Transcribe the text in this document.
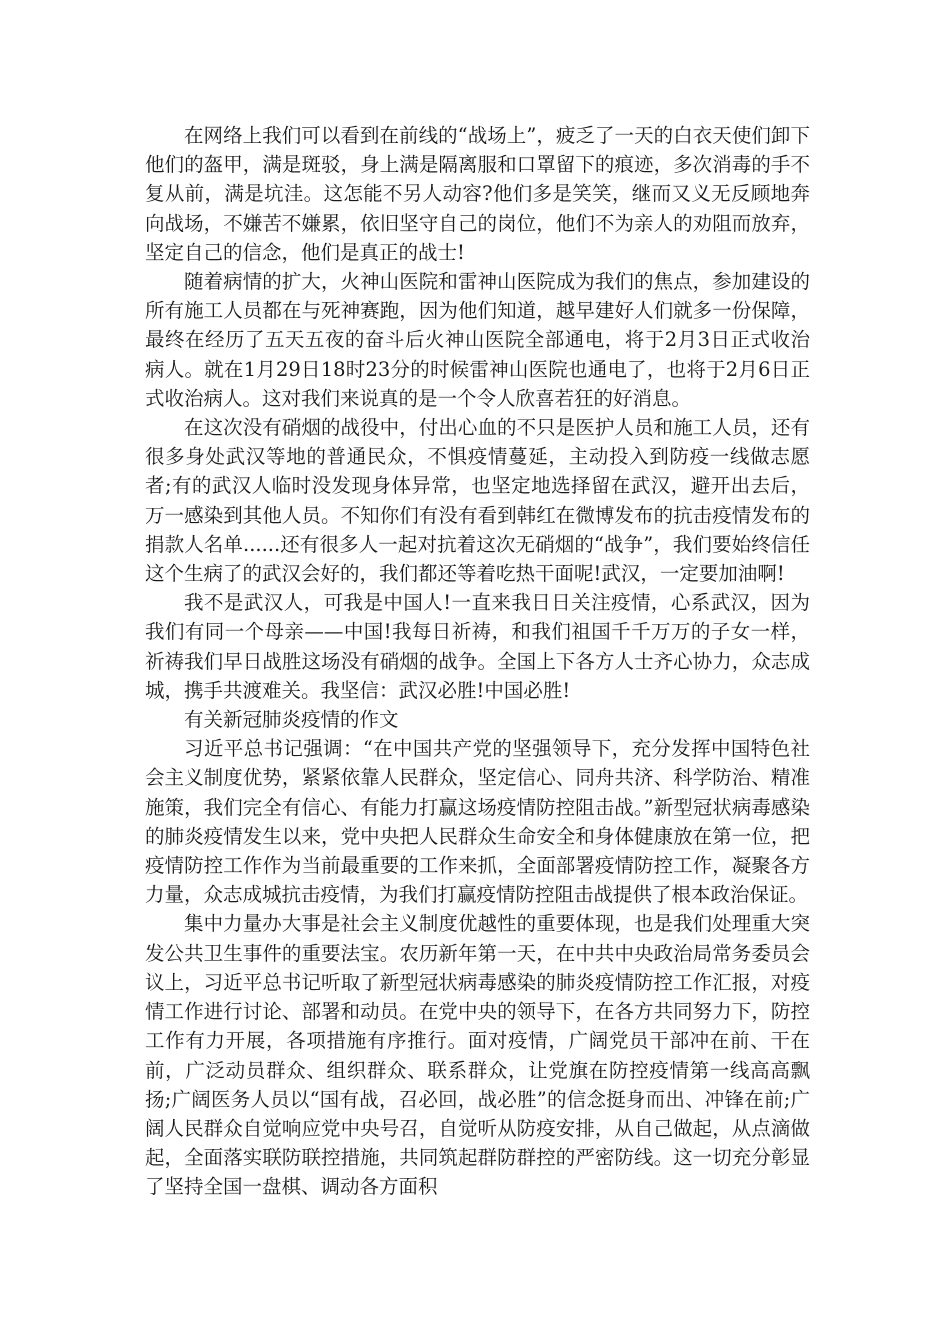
在网络上我们可以看到在前线的“战场上”，疲乏了一天的白衣天使们卸下他们的盔甲，满是斑驳，身上满是隔离服和口罩留下的痕迹，多次消毒的手不复从前，满是坑洼。这怎能不另人动容?他们多是笑笑，继而又义无反顾地奔向战场，不嫌苦不嫌累，依旧坚守自己的岗位，他们不为亲人的劝阻而放弃，坚定自己的信念，他们是真正的战士!

随着病情的扩大，火神山医院和雷神山医院成为我们的焦点，参加建设的所有施工人员都在与死神赛跑，因为他们知道，越早建好人们就多一份保障，最终在经历了五天五夜的奋斗后火神山医院全部通电，将于2月3日正式收治病人。就在1月29日18时23分的时候雷神山医院也通电了，也将于2月6日正式收治病人。这对我们来说真的是一个令人欣喜若狂的好消息。

在这次没有硝烟的战役中，付出心血的不只是医护人员和施工人员，还有很多身处武汉等地的普通民众，不惧疫情蔓延，主动投入到防疫一线做志愿者;有的武汉人临时没发现身体异常，也坚定地选择留在武汉，避开出去后，万一感染到其他人员。不知你们有没有看到韩红在微博发布的抗击疫情发布的捐款人名单......还有很多人一起对抗着这次无硝烟的“战争”，我们要始终信任这个生病了的武汉会好的，我们都还等着吃热干面呢!武汉，一定要加油啊!

我不是武汉人，可我是中国人!一直来我日日关注疫情，心系武汉，因为我们有同一个母亲——中国!我每日祈祷，和我们祖国千千万万的子女一样，祈祷我们早日战胜这场没有硝烟的战争。全国上下各方人士齐心协力，众志成城，携手共渡难关。我坚信：武汉必胜!中国必胜!

有关新冠肺炎疫情的作文

习近平总书记强调：“在中国共产党的坚强领导下，充分发挥中国特色社会主义制度优势，紧紧依靠人民群众，坚定信心、同舟共济、科学防治、精准施策，我们完全有信心、有能力打赢这场疫情防控阻击战。”新型冠状病毒感染的肺炎疫情发生以来，党中央把人民群众生命安全和身体健康放在第一位，把疫情防控工作作为当前最重要的工作来抓，全面部署疫情防控工作，凝聚各方力量，众志成城抗击疫情，为我们打赢疫情防控阻击战提供了根本政治保证。

集中力量办大事是社会主义制度优越性的重要体现，也是我们处理重大突发公共卫生事件的重要法宝。农历新年第一天，在中共中央政治局常务委员会议上，习近平总书记听取了新型冠状病毒感染的肺炎疫情防控工作汇报，对疫情工作进行讨论、部署和动员。在党中央的领导下，在各方共同努力下，防控工作有力开展，各项措施有序推行。面对疫情，广阔党员干部冲在前、干在前，广泛动员群众、组织群众、联系群众，让党旗在防控疫情第一线高高飘扬;广阔医务人员以“国有战，召必回，战必胜”的信念挺身而出、冲锋在前;广阔人民群众自觉响应党中央号召，自觉听从防疫安排，从自己做起，从点滴做起，全面落实联防联控措施，共同筑起群防群控的严密防线。这一切充分彰显了坚持全国一盘棋、调动各方面积
